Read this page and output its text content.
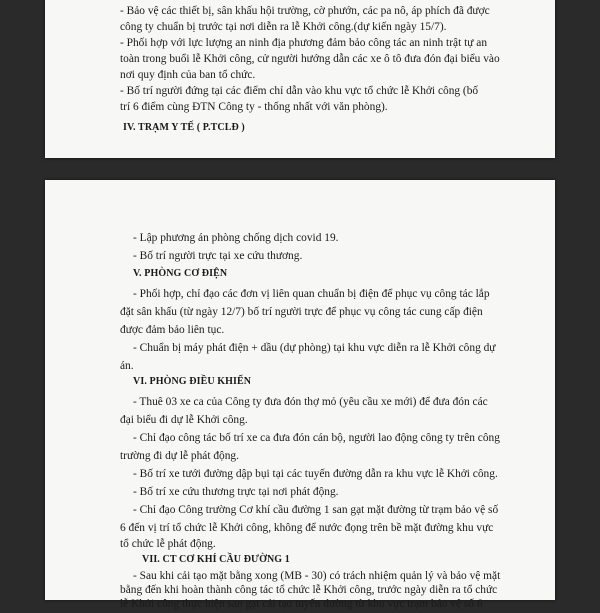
- Bảo vệ các thiết bị, sân khấu hội trường, cờ phướn, các pa nô, áp phích đã được

công ty chuẩn bị trước tại nơi diễn ra lễ Khởi công.(dự kiến ngày 15/7).

- Phối hợp với lực lượng an ninh địa phương đảm bảo công tác an ninh trật tự an

toàn trong buổi lễ Khởi công, cử người hướng dẫn các xe ô tô đưa đón đại biểu vào

nơi quy định của ban tổ chức.

- Bố trí người đứng tại các điểm chỉ dẫn vào khu vực tổ chức lễ Khởi công (bố

trí 6 điểm cùng ĐTN Công ty - thống nhất với văn phòng).

IV. TRẠM Y TẾ ( P.TCLĐ )

- Lập phương án phòng chống dịch covid 19.

- Bố trí người trực tại xe cứu thương.

V. PHÒNG CƠ ĐIỆN

- Phối hợp, chỉ đạo các đơn vị liên quan chuẩn bị điện để phục vụ công tác lắp

đặt sân khấu (từ ngày 12/7) bố trí người trực để phục vụ công tác cung cấp điện

được đảm bảo liên tục.

- Chuẩn bị máy phát điện + dầu (dự phòng) tại khu vực diễn ra lễ Khởi công dự

án.

VI. PHÒNG ĐIỀU KHIỂN

- Thuê 03 xe ca của Công ty đưa đón thợ mỏ (yêu cầu xe mới) để đưa đón các

đại biểu đi dự lễ Khởi công.

- Chỉ đạo công tác bố trí xe ca đưa đón cán bộ, người lao động công ty trên công

trường đi dự lễ phát động.

- Bố trí xe tưới đường dập bụi tại các tuyến đường dẫn ra khu vực lễ Khởi công.

- Bố trí xe cứu thương trực tại nơi phát động.

- Chỉ đạo Công trường Cơ khí cầu đường 1 san gạt mặt đường từ trạm bảo vệ số

6 đến vị trí tổ chức lễ Khởi công, không để nước đọng trên bề mặt đường khu vực

tổ chức lễ phát động.

VII. CT CƠ KHÍ CẦU ĐƯỜNG 1

- Sau khi cải tạo mặt bằng xong (MB - 30) có trách nhiệm quản lý và bảo vệ mặt

bằng đến khi hoàn thành công tác tổ chức lễ Khởi công, trước ngày diễn ra tổ chức

lễ Khởi công thực hiện san gạt cải tạo tuyến đường từ khu vực trạm bảo vệ số 6
